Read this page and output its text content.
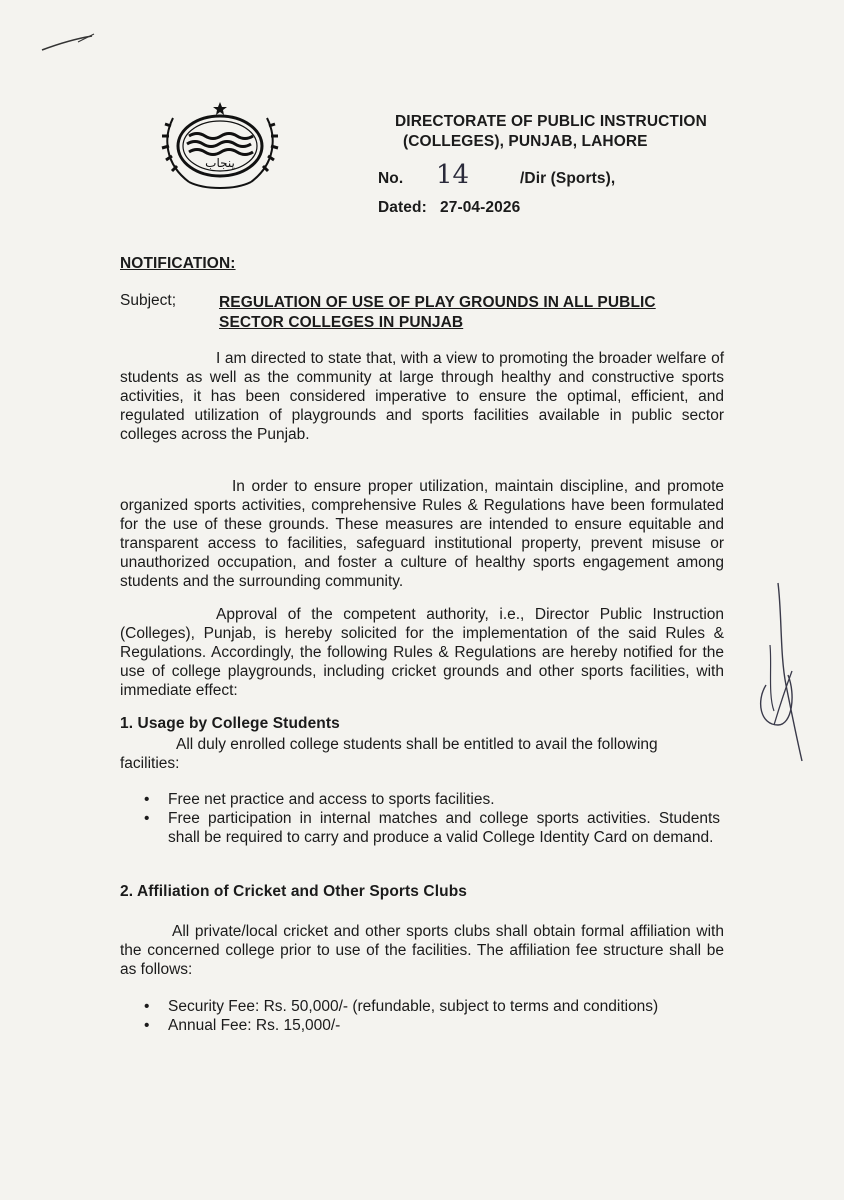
پنجاب
DIRECTORATE OF PUBLIC INSTRUCTION
(COLLEGES), PUNJAB, LAHORE
No. 14	/Dir (Sports),
Dated: 27-04-2026
NOTIFICATION:
Subject;	REGULATION OF USE OF PLAY GROUNDS IN ALL PUBLIC
SECTOR COLLEGES IN PUNJAB
I am directed to state that, with a view to promoting the broader welfare of students as well as the community at large through healthy and constructive sports activities, it has been considered imperative to ensure the optimal, efficient, and regulated utilization of playgrounds and sports facilities available in public sector colleges across the Punjab.
In order to ensure proper utilization, maintain discipline, and promote organized sports activities, comprehensive Rules & Regulations have been formulated for the use of these grounds. These measures are intended to ensure equitable and transparent access to facilities, safeguard institutional property, prevent misuse or unauthorized occupation, and foster a culture of healthy sports engagement among students and the surrounding community.
Approval of the competent authority, i.e., Director Public Instruction (Colleges), Punjab, is hereby solicited for the implementation of the said Rules & Regulations. Accordingly, the following Rules & Regulations are hereby notified for the use of college playgrounds, including cricket grounds and other sports facilities, with immediate effect:
1. Usage by College Students
All duly enrolled college students shall be entitled to avail the following facilities:
• Free net practice and access to sports facilities.
• Free participation in internal matches and college sports activities. Students shall be required to carry and produce a valid College Identity Card on demand.
2. Affiliation of Cricket and Other Sports Clubs
All private/local cricket and other sports clubs shall obtain formal affiliation with the concerned college prior to use of the facilities. The affiliation fee structure shall be as follows:
• Security Fee: Rs. 50,000/- (refundable, subject to terms and conditions)
• Annual Fee: Rs. 15,000/-
